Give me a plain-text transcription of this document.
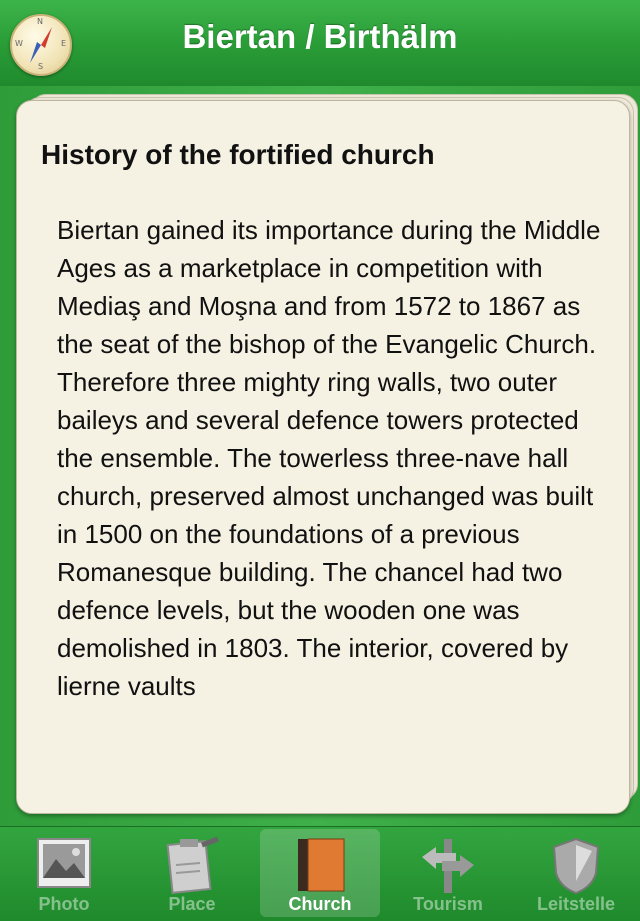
N
S
E
W	Biertan / Birthälm
History of the fortified church
Biertan gained its importance during the Middle Ages as a marketplace in competition with Mediaş and Moşna and from 1572 to 1867 as the seat of the bishop of the Evangelic Church. Therefore three mighty ring walls, two outer baileys and several defence towers protected the ensemble. The towerless three-nave hall church, preserved almost unchanged was built in 1500 on the foundations of a previous Romanesque building. The chancel had two defence levels, but the wooden one was demolished in 1803. The interior, covered by lierne vaults
Photo	Place	Church	Tourism	Leitstelle
